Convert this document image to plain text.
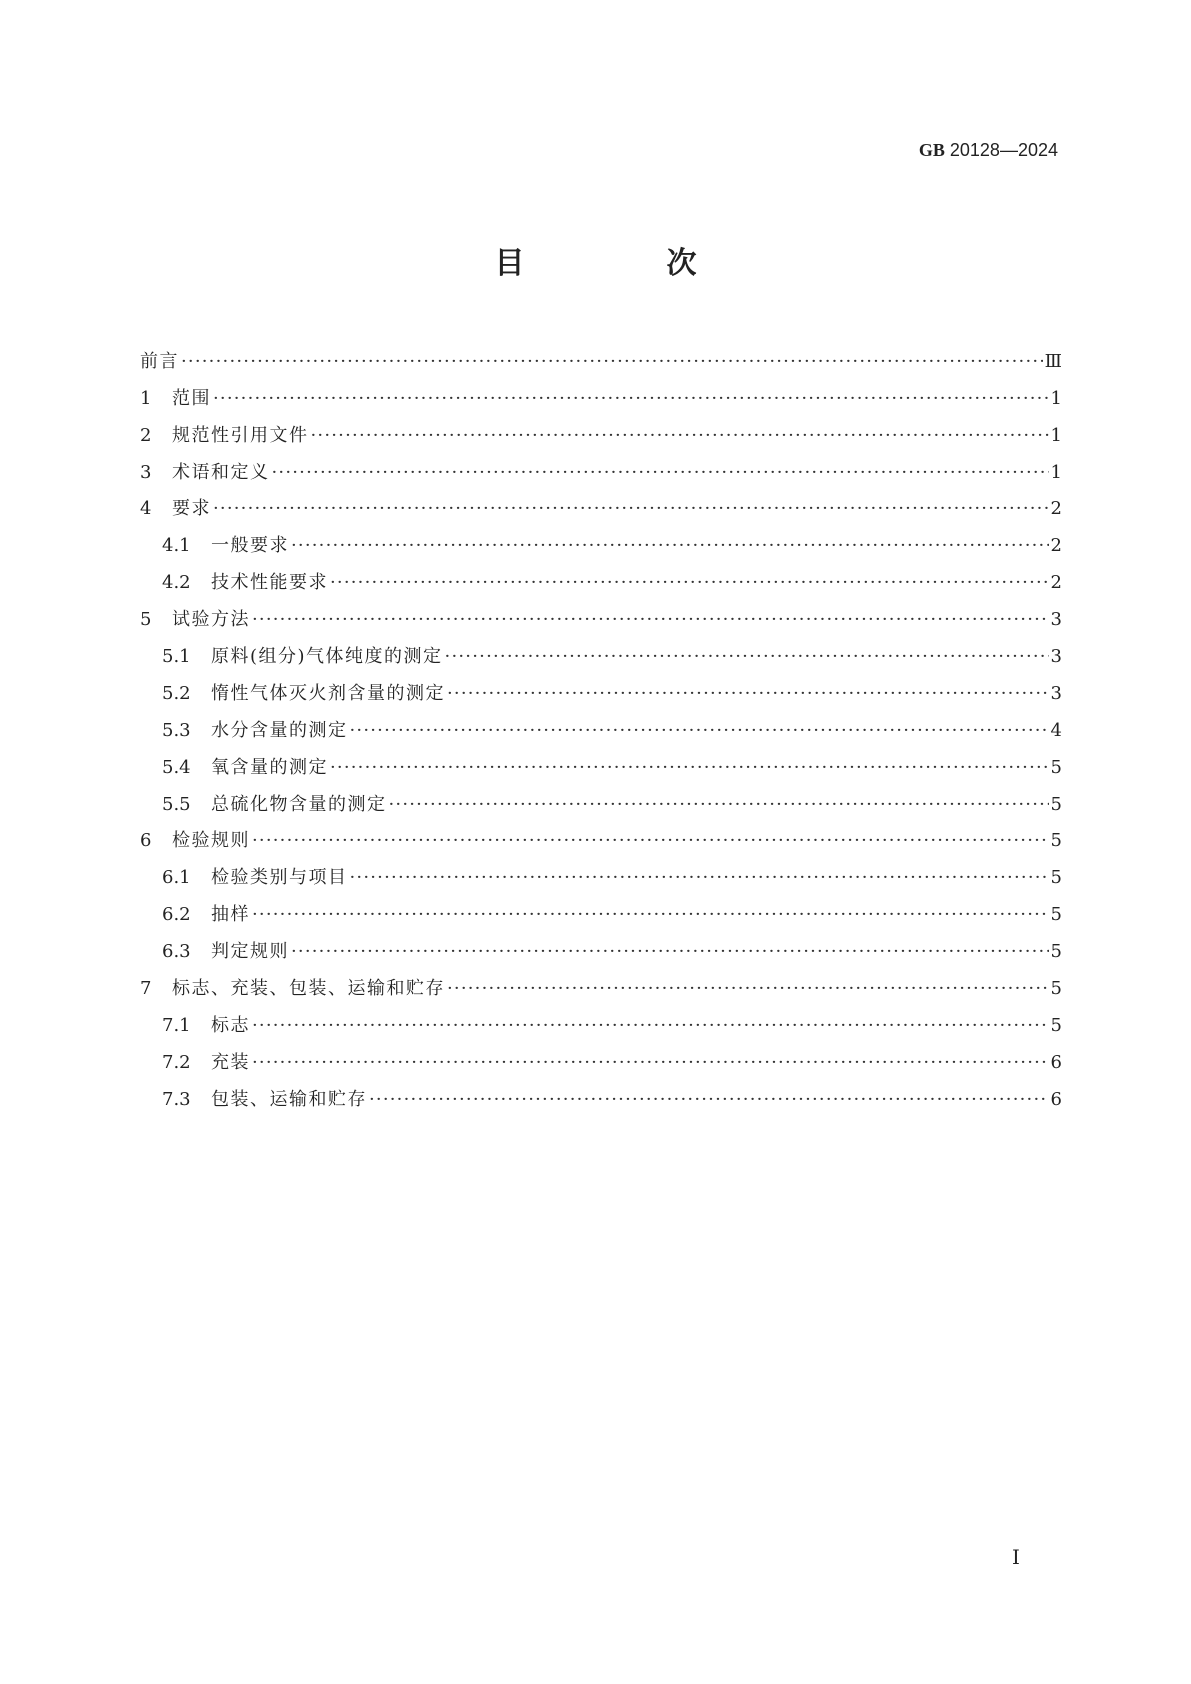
GB 20128—2024
目　次
前言 ·····	Ⅲ
1	范围 ·····	1
2	规范性引用文件 ·····	1
3	术语和定义 ·····	1
4	要求 ·····	2
4.1	一般要求 ·····	2
4.2	技术性能要求 ·····	2
5	试验方法 ·····	3
5.1	原料(组分)气体纯度的测定 ·····	3
5.2	惰性气体灭火剂含量的测定 ·····	3
5.3	水分含量的测定 ·····	4
5.4	氧含量的测定 ·····	5
5.5	总硫化物含量的测定 ·····	5
6	检验规则 ·····	5
6.1	检验类别与项目 ·····	5
6.2	抽样 ·····	5
6.3	判定规则 ·····	5
7	标志、充装、包装、运输和贮存 ·····	5
7.1	标志 ·····	5
7.2	充装 ·····	6
7.3	包装、运输和贮存 ·····	6
I
